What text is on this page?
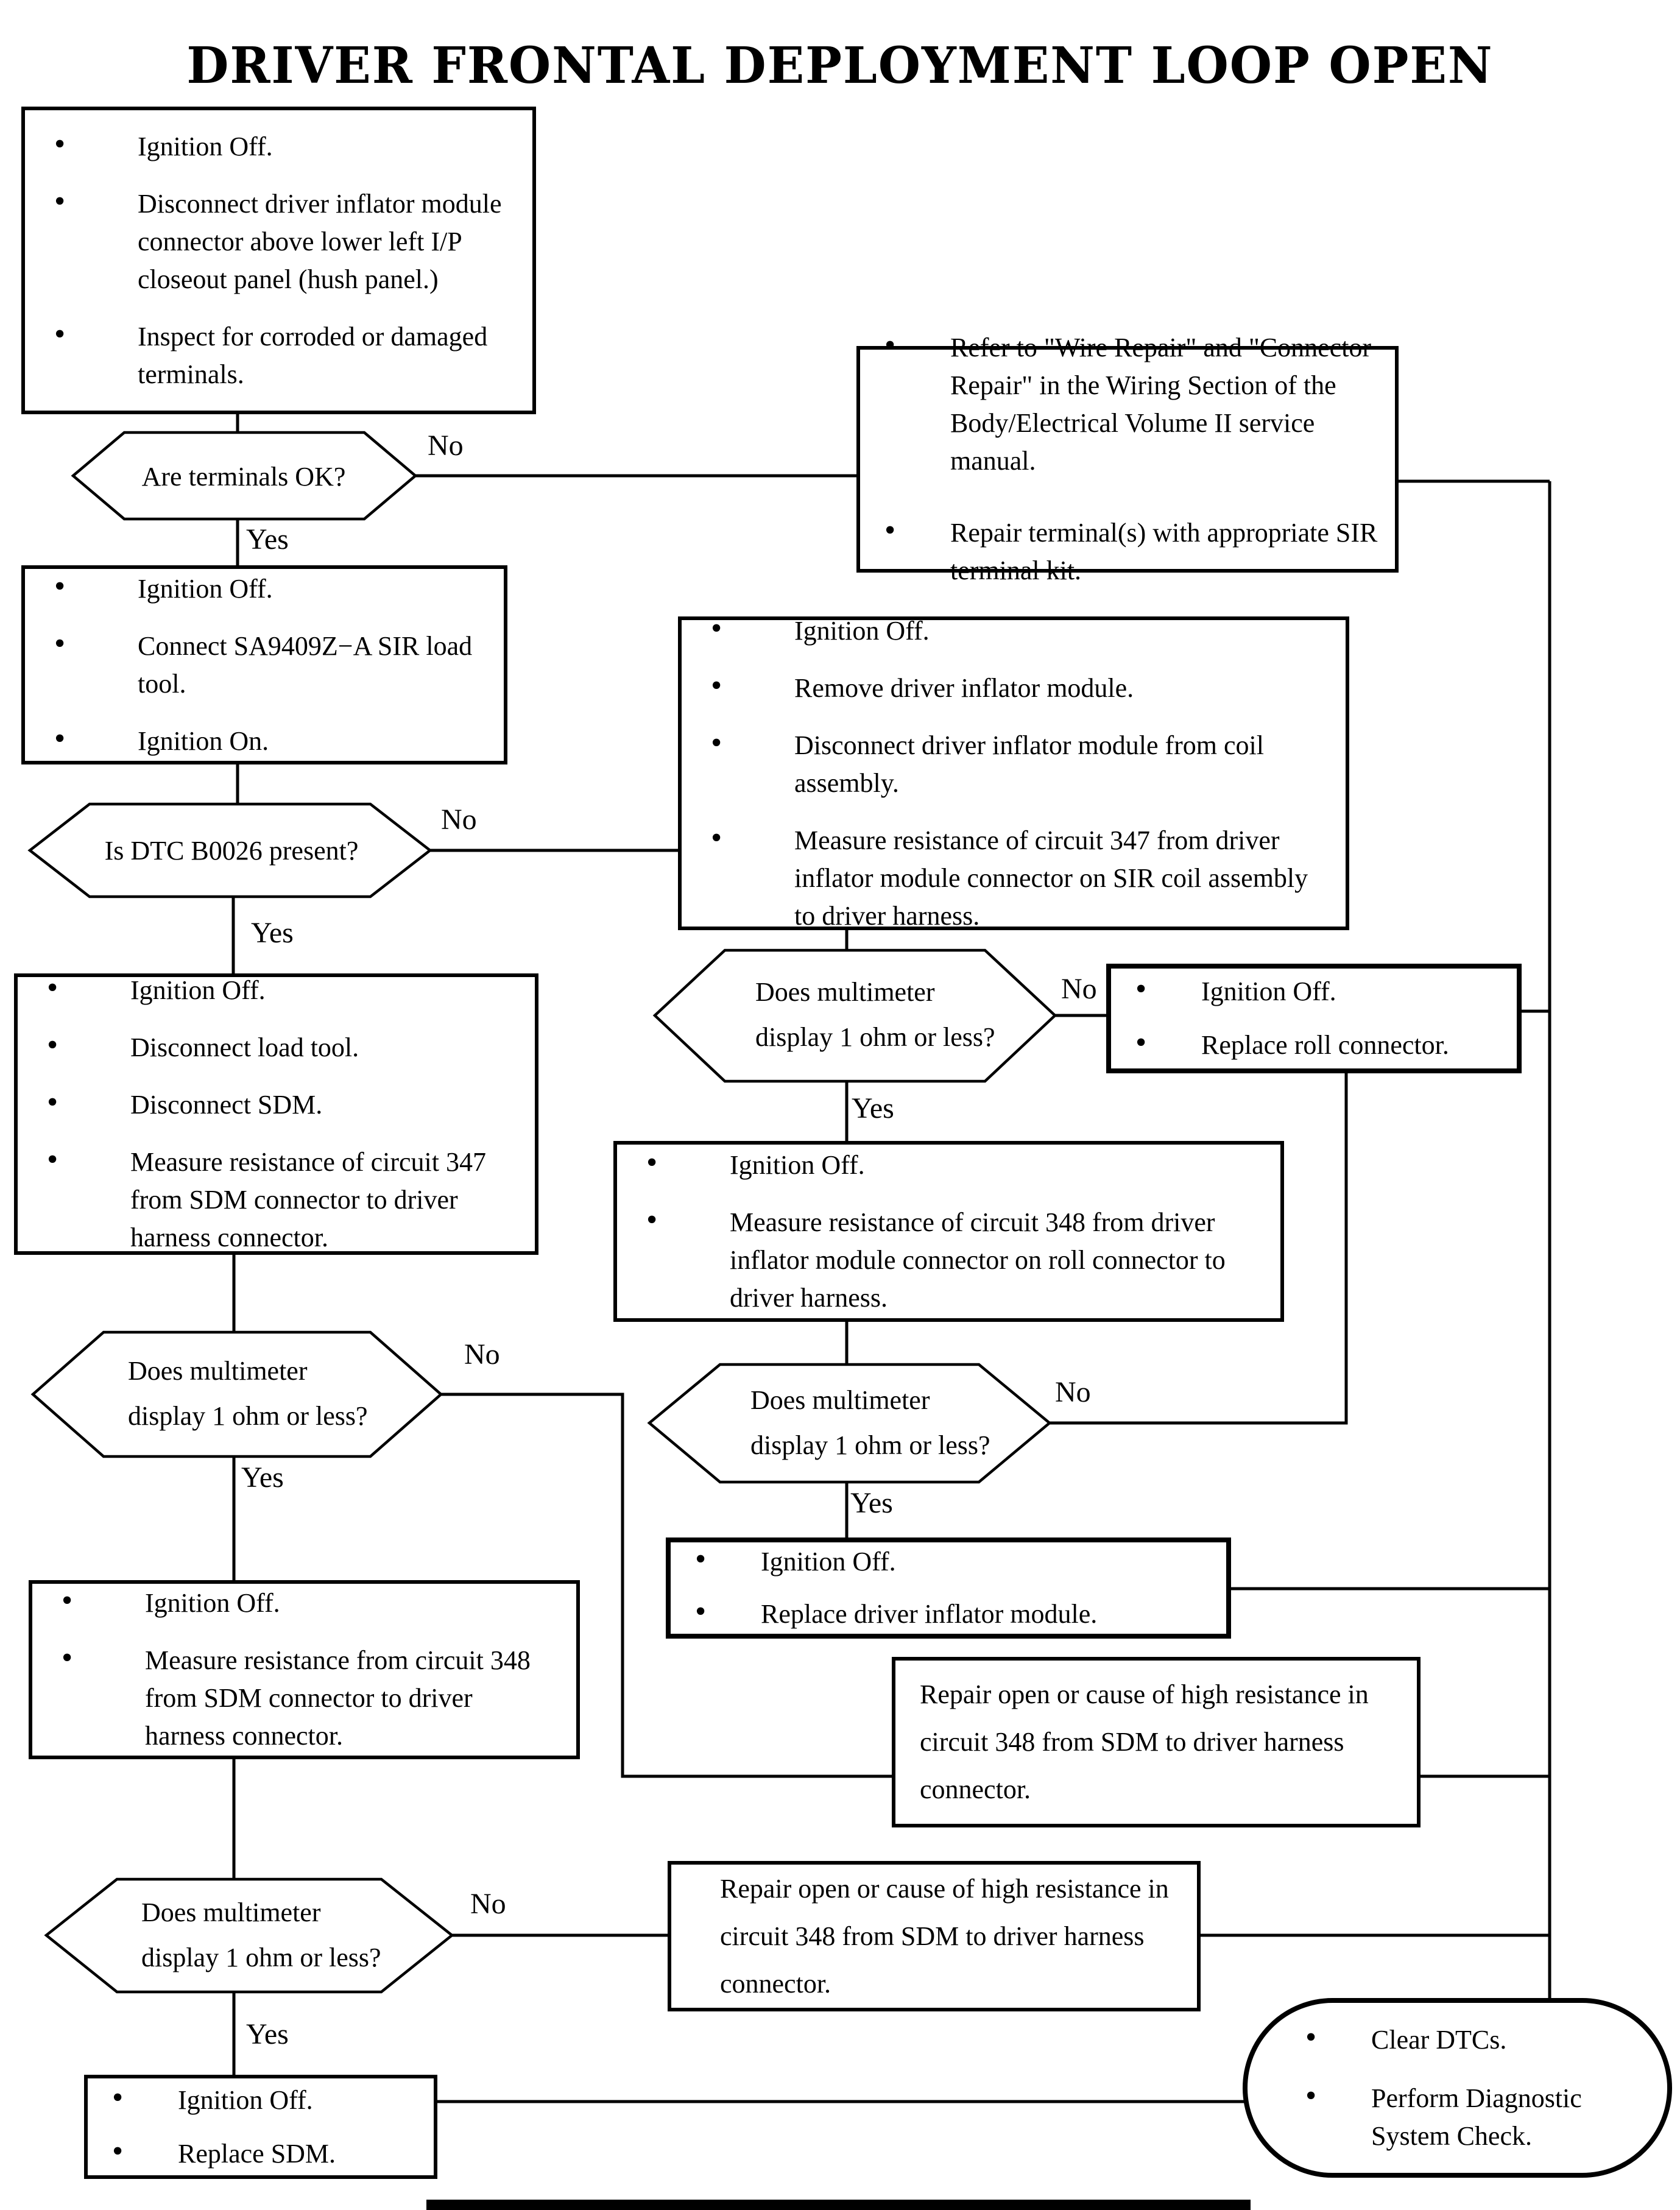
DRIVER FRONTAL DEPLOYMENT LOOP OPEN
• Ignition Off.
• Disconnect driver inflator module connector above lower left I/P closeout panel (hush panel.)
• Inspect for corroded or damaged terminals.
• Refer to "Wire Repair" and "Connector Repair" in the Wiring Section of the Body/Electrical Volume II service manual.
• Repair terminal(s) with appropriate SIR terminal kit.
• Ignition Off.
• Connect SA9409Z−A SIR load tool.
• Ignition On.
• Ignition Off.
• Remove driver inflator module.
• Disconnect driver inflator module from coil assembly.
• Measure resistance of circuit 347 from driver inflator module connector on SIR coil assembly to driver harness.
• Ignition Off.
• Disconnect load tool.
• Disconnect SDM.
• Measure resistance of circuit 347 from SDM connector to driver harness connector.
• Ignition Off.
• Replace roll connector.
• Ignition Off.
• Measure resistance of circuit 348 from driver inflator module connector on roll connector to driver harness.
• Ignition Off.
• Replace driver inflator module.
• Ignition Off.
• Measure resistance from circuit 348 from SDM connector to driver harness connector.
Repair open or cause of high resistance in circuit 348 from SDM to driver harness connector.
Repair open or cause of high resistance in circuit 348 from SDM to driver harness connector.
• Ignition Off.
• Replace SDM.
• Clear DTCs.
• Perform Diagnostic System Check.
Are terminals OK?
Is DTC B0026 present?
Does multimeter
display 1 ohm or less?
Does multimeter
display 1 ohm or less?
Does multimeter
display 1 ohm or less?
Does multimeter
display 1 ohm or less?
No
Yes
No
Yes
No
Yes
No
Yes
No
Yes
No
Yes
